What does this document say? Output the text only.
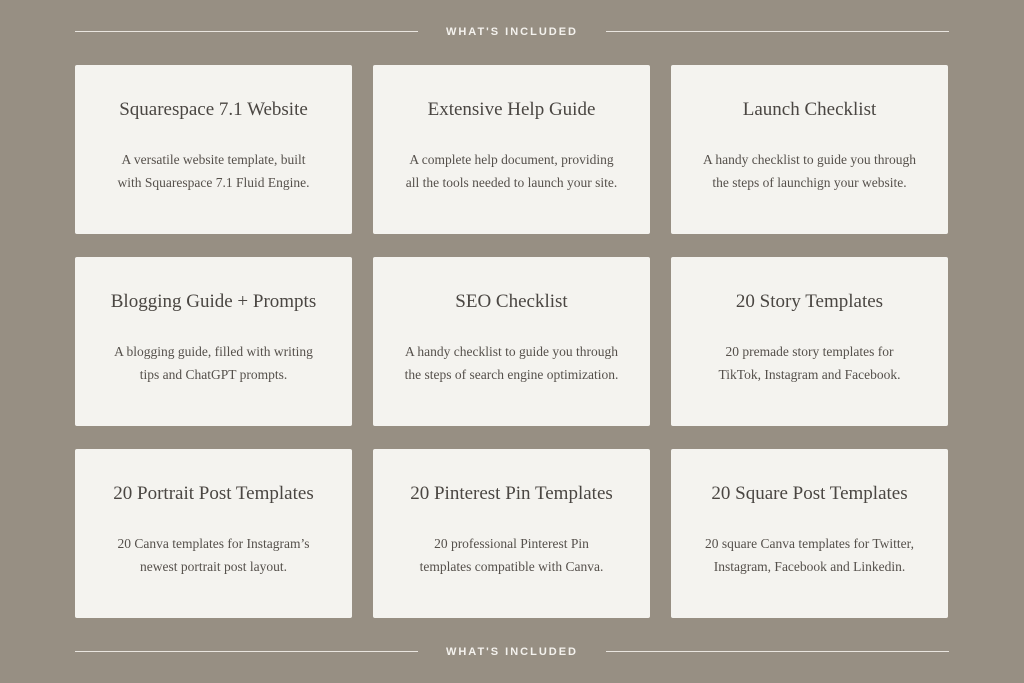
WHAT'S INCLUDED
Squarespace 7.1 Website
A versatile website template, built
with Squarespace 7.1 Fluid Engine.
Extensive Help Guide
A complete help document, providing
all the tools needed to launch your site.
Launch Checklist
A handy checklist to guide you through
the steps of launchign your website.
Blogging Guide + Prompts
A blogging guide, filled with writing
tips and ChatGPT prompts.
SEO Checklist
A handy checklist to guide you through
the steps of search engine optimization.
20 Story Templates
20 premade story templates for
TikTok, Instagram and Facebook.
20 Portrait Post Templates
20 Canva templates for Instagram’s
newest portrait post layout.
20 Pinterest Pin Templates
20 professional Pinterest Pin
templates compatible with Canva.
20 Square Post Templates
20 square Canva templates for Twitter,
Instagram, Facebook and Linkedin.
WHAT'S INCLUDED
